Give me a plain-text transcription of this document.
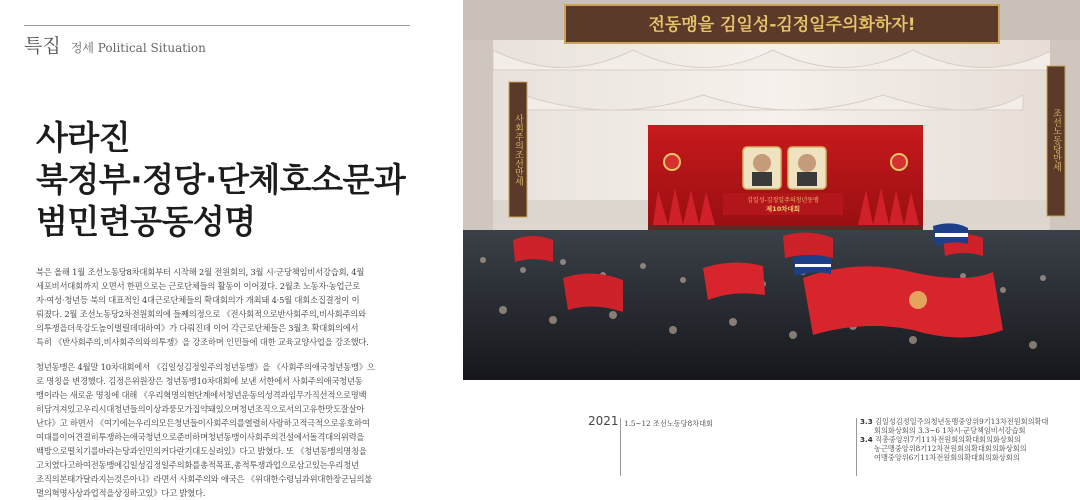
특집 정세 Political Situation
사라진
북정부·정당·단체호소문과
범민련공동성명
북은 올해 1월 조선노동당8차대회부터 시작해 2월 전원회의, 3월 시·군당책임비서강습회, 4월
세포비서대회까지 오면서 한편으로는 근로단체들의 활동이 이어졌다. 2월초 노동자·농업근로
자·여성·청년등 북의 대표적인 4대근로단체들의 확대회의가 개최돼 4·5월 대회소집결정이 이
뤄졌다. 2월 조선노동당2차전원회의에 들째의정으로 《전사회적으로반사회주의,비사회주의와
의투쟁을더욱강도높이벌릴데대하여》가 다뤄진데 이어 각근로단체들은 3월초 확대회의에서
특히 《반사회주의,비사회주의와의투쟁》을 강조하며 인민들에 대한 교육교양사업을 강조했다.
청년동맹은 4월말 10차대회에서 《김일성김정일주의청년동맹》을 《사회주의애국청년동맹》으
로 명칭을 변경했다. 김정은위원장은 청년동맹10차대회에 보낸 서한에서 사회주의애국청년동
맹이라는 새로운 명칭에 대해 《우리혁명의현단계에서청년운동의성격과임무가직선적으로명백
히담겨져있고우리시대청년들의이상과풍모가집약돼있으며청년조직으로서의고유한맛도잘살아
난다》고 하면서 《여기에는우리의모든청년들이사회주의를열렬히사랑하고적극적으로옹호하여
여대를이어견결히투쟁하는애국청년으로준비하며청년동맹이사회주의건설에서돌격대의위력을
백방으로떨치기를바라는당과인민의커다란기대도실려있》다고 밝혔다. 또 《청년동맹의명칭을
고치였다고하여전동맹에김일성김정일주의화를총적목표,총적투쟁과업으로삼고있는우리청년
조직의본태가달라지는것은아니》라면서 사회주의와 애국은 《위대한수령님과위대한장군님의불
멸의혁명사상과업적을상징하고있》다고 밝혔다.
전동맹을 김일성-김정일주의화하자!
사회주의조선만세	조선노동당만세
김일성-김정일주의청년동맹
제10차대회
2021 1.5~12 조선노동당8차대회	3.3 김일성김정일주의청년동맹중앙위9기13차전원회의확대
회의화상회의 3.3~6 1차시·군당책임비서강습회
3.4 직총중앙위7기11차전원회의확대회의화상회의
농근맹중앙위8기12차전원회의확대회의화상회의
여맹중앙위6기11차전원회의확대회의화상회의
